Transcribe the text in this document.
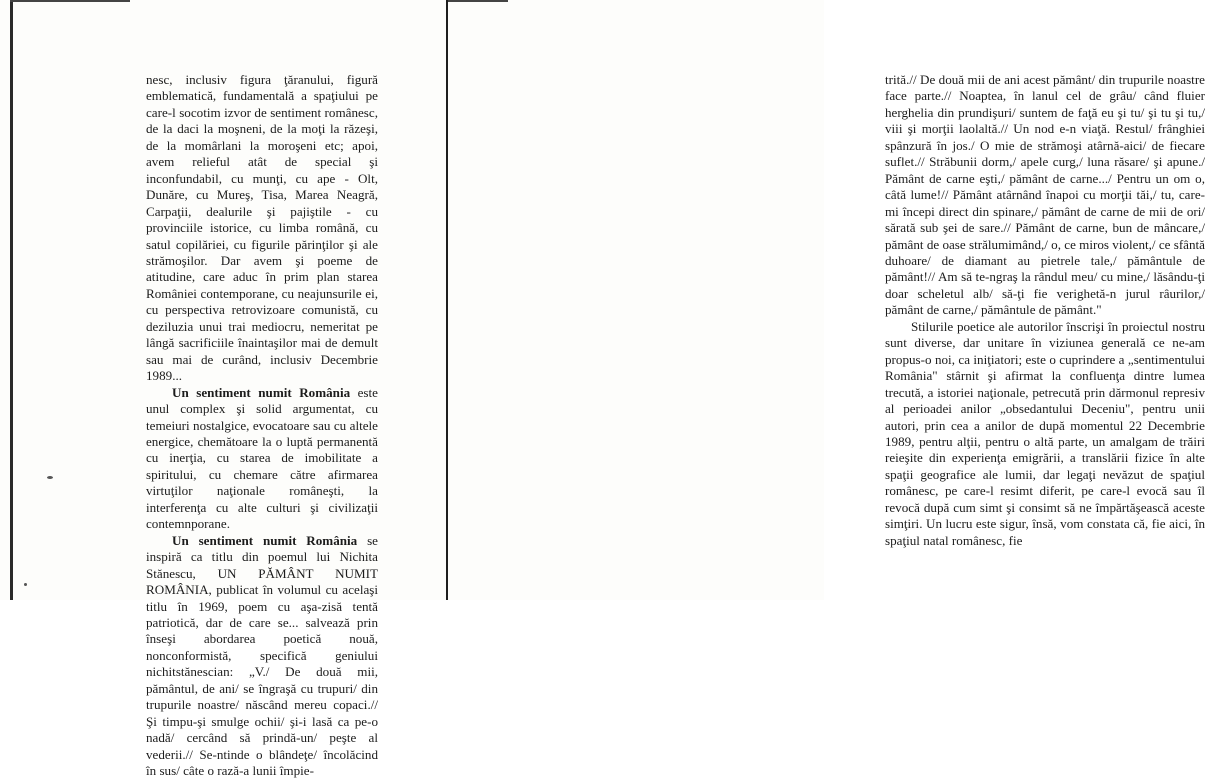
nesc, inclusiv figura ţăranului, figură emblematică, fundamentală a spaţiului pe care-l socotim izvor de sentiment românesc, de la daci la moşneni, de la moţi la răzeşi, de la momârlani la moroşeni etc; apoi, avem relieful atât de special şi inconfundabil, cu munţi, cu ape - Olt, Dunăre, cu Mureş, Tisa, Marea Neagră, Carpaţii, dealurile şi pajiştile - cu provinciile istorice, cu limba română, cu satul copilăriei, cu figurile părinţilor şi ale strămoşilor. Dar avem şi poeme de atitudine, care aduc în prim plan starea României contemporane, cu neajunsurile ei, cu perspectiva retrovizoare comunistă, cu deziluzia unui trai mediocru, nemeritat pe lângă sacrificiile înaintaşilor mai de demult sau mai de curând, inclusiv Decembrie 1989...

Un sentiment numit România este unul complex şi solid argumentat, cu temeiuri nostalgice, evocatoare sau cu altele energice, chemătoare la o luptă permanentă cu inerţia, cu starea de imobilitate a spiritului, cu chemare către afirmarea virtuţilor naţionale româneşti, la interferenţa cu alte culturi şi civilizaţii contemnporane.

Un sentiment numit România se inspiră ca titlu din poemul lui Nichita Stănescu, UN PĂMÂNT NUMIT ROMÂNIA, publicat în volumul cu acelaşi titlu în 1969, poem cu aşa-zisă tentă patriotică, dar de care se... salvează prin înseşi abordarea poetică nouă, nonconformistă, specifică geniului nichitstănescian: „V./ De două mii, pământul, de ani/ se îngraşă cu trupuri/ din trupurile noastre/ născând mereu copaci.// Şi timpu-şi smulge ochii/ şi-i lasă ca pe-o nadă/ cercând să prindă-un/ peşte al vederii.// Se-ntinde o blândeţe/ încolăcind în sus/ câte o rază-a lunii împie-

trită.// De două mii de ani acest pământ/ din trupurile noastre face parte.// Noaptea, în lanul cel de grâu/ când fluier herghelia din prundişuri/ suntem de faţă eu şi tu/ şi tu şi tu,/ viii şi morţii laolaltă.// Un nod e-n viaţă. Restul/ frânghiei spânzură în jos./ O mie de strămoşi atârnă-aici/ de fiecare suflet.// Străbunii dorm,/ apele curg,/ luna răsare/ şi apune./ Pământ de carne eşti,/ pământ de carne.../ Pentru un om o, câtă lume!// Pământ atârnând înapoi cu morţii tăi,/ tu, care-mi începi direct din spinare,/ pământ de carne de mii de ori/ sărată sub şei de sare.// Pământ de carne, bun de mâncare,/ pământ de oase strălumimând,/ o, ce miros violent,/ ce sfântă duhoare/ de diamant au pietrele tale,/ pământule de pământ!// Am să te-ngraş la rândul meu/ cu mine,/ lăsându-ţi doar scheletul alb/ să-ţi fie verighetă-n jurul râurilor,/ pământ de carne,/ pământule de pământ."

Stilurile poetice ale autorilor înscrişi în proiectul nostru sunt diverse, dar unitare în viziunea generală ce ne-am propus-o noi, ca iniţiatori; este o cuprindere a „sentimentului România" stârnit şi afirmat la confluenţa dintre lumea trecută, a istoriei naţionale, petrecută prin dărmonul represiv al perioadei anilor „obsedantului Deceniu", pentru unii autori, prin cea a anilor de după momentul 22 Decembrie 1989, pentru alţii, pentru o altă parte, un amalgam de trăiri reieşite din experienţa emigrării, a translării fizice în alte spaţii geografice ale lumii, dar legaţi nevăzut de spaţiul românesc, pe care-l resimt diferit, pe care-l evocă sau îl revocă după cum simt şi consimt să ne împărtăşească aceste simţiri. Un lucru este sigur, însă, vom constata că, fie aici, în spaţiul natal românesc, fie
